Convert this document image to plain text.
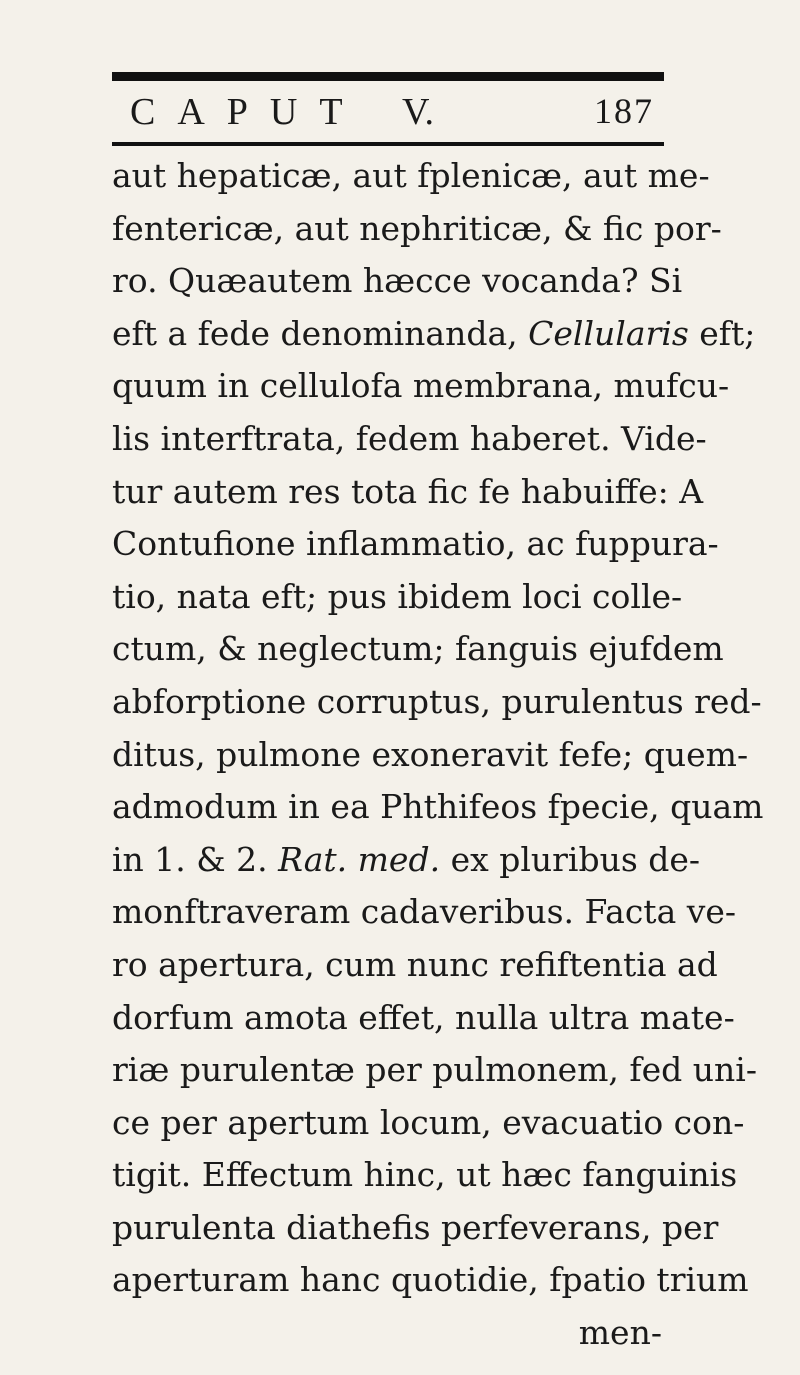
CAPUT V.	187
aut hepaticæ, aut fplenicæ, aut me-
fentericæ, aut nephriticæ, & fic por-
ro. Quæautem hæcce vocanda? Si
eft a fede denominanda, Cellularis eft;
quum in cellulofa membrana, mufcu-
lis interftrata, fedem haberet. Vide-
tur autem res tota fic fe habuiffe: A
Contufione inflammatio, ac fuppura-
tio, nata eft; pus ibidem loci colle-
ctum, & neglectum; fanguis ejufdem
abforptione corruptus, purulentus red-
ditus, pulmone exoneravit fefe; quem-
admodum in ea Phthifeos fpecie, quam
in 1. & 2. Rat. med. ex pluribus de-
monftraveram cadaveribus. Facta ve-
ro apertura, cum nunc refiftentia ad
dorfum amota effet, nulla ultra mate-
riæ purulentæ per pulmonem, fed uni-
ce per apertum locum, evacuatio con-
tigit. Effectum hinc, ut hæc fanguinis
purulenta diathefis perfeverans, per
aperturam hanc quotidie, fpatio trium
men-
